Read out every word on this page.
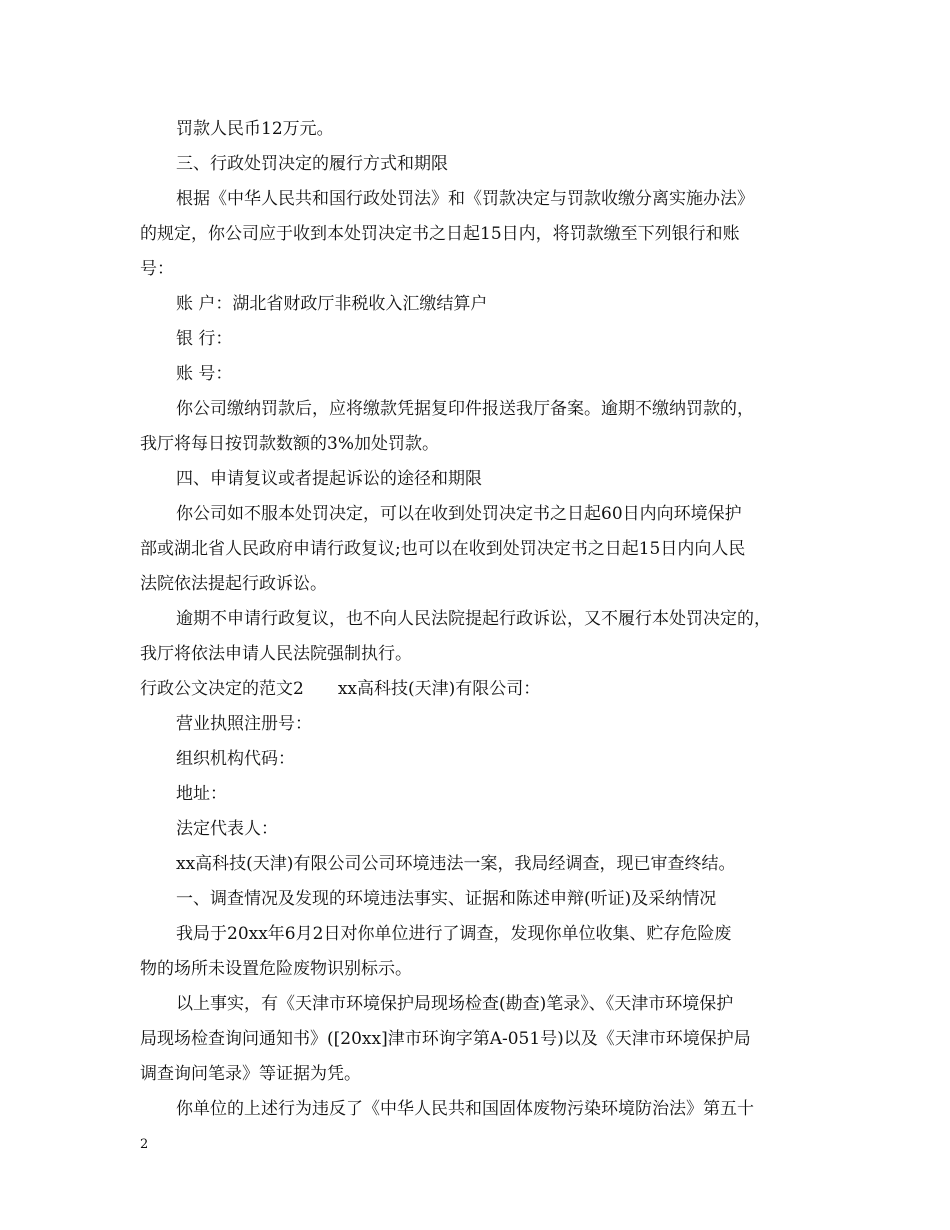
罚款人民币12万元。
三、行政处罚决定的履行方式和期限
根据《中华人民共和国行政处罚法》和《罚款决定与罚款收缴分离实施办法》
的规定，你公司应于收到本处罚决定书之日起15日内，将罚款缴至下列银行和账
号：
账 户：湖北省财政厅非税收入汇缴结算户
银 行：
账 号：
你公司缴纳罚款后，应将缴款凭据复印件报送我厅备案。逾期不缴纳罚款的，
我厅将每日按罚款数额的3%加处罚款。
四、申请复议或者提起诉讼的途径和期限
你公司如不服本处罚决定，可以在收到处罚决定书之日起60日内向环境保护
部或湖北省人民政府申请行政复议;也可以在收到处罚决定书之日起15日内向人民
法院依法提起行政诉讼。
逾期不申请行政复议，也不向人民法院提起行政诉讼，又不履行本处罚决定的，
我厅将依法申请人民法院强制执行。
行政公文决定的范文2　　xx高科技(天津)有限公司：
营业执照注册号：
组织机构代码：
地址：
法定代表人：
xx高科技(天津)有限公司公司环境违法一案，我局经调查，现已审查终结。
一、调查情况及发现的环境违法事实、证据和陈述申辩(听证)及采纳情况
我局于20xx年6月2日对你单位进行了调查，发现你单位收集、贮存危险废
物的场所未设置危险废物识别标示。
以上事实，有《天津市环境保护局现场检查(勘查)笔录》、《天津市环境保护
局现场检查询问通知书》([20xx]津市环询字第A-051号)以及《天津市环境保护局
调查询问笔录》等证据为凭。
你单位的上述行为违反了《中华人民共和国固体废物污染环境防治法》第五十
2
